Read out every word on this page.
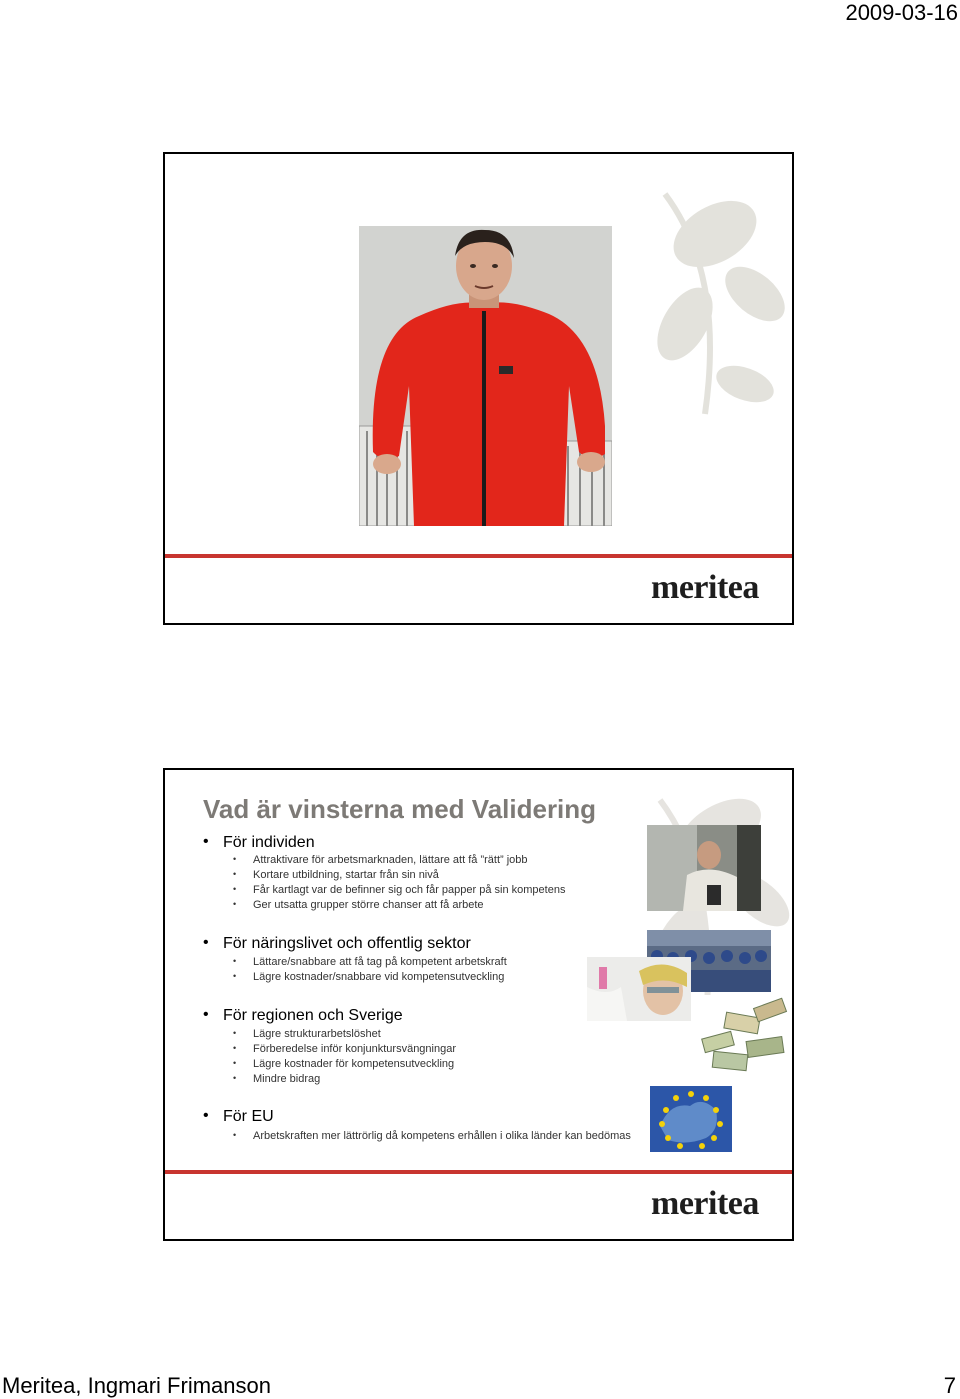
2009-03-16
meritea
Vad är vinsterna med Validering
• För individen
• Attraktivare för arbetsmarknaden, lättare att få ”rätt” jobb
• Kortare utbildning, startar från sin nivå
• Får kartlagt var de befinner sig och får papper på sin kompetens
• Ger utsatta grupper större chanser att få arbete
• För näringslivet och offentlig sektor
• Lättare/snabbare att få tag på kompetent arbetskraft
• Lägre kostnader/snabbare vid kompetensutveckling
• För regionen och Sverige
• Lägre strukturarbetslöshet
• Förberedelse inför konjunktursvängningar
• Lägre kostnader för kompetensutveckling
• Mindre bidrag
• För EU
• Arbetskraften mer lättrörlig då kompetens erhållen i olika länder kan bedömas
meritea
Meritea, Ingmari Frimanson	7
